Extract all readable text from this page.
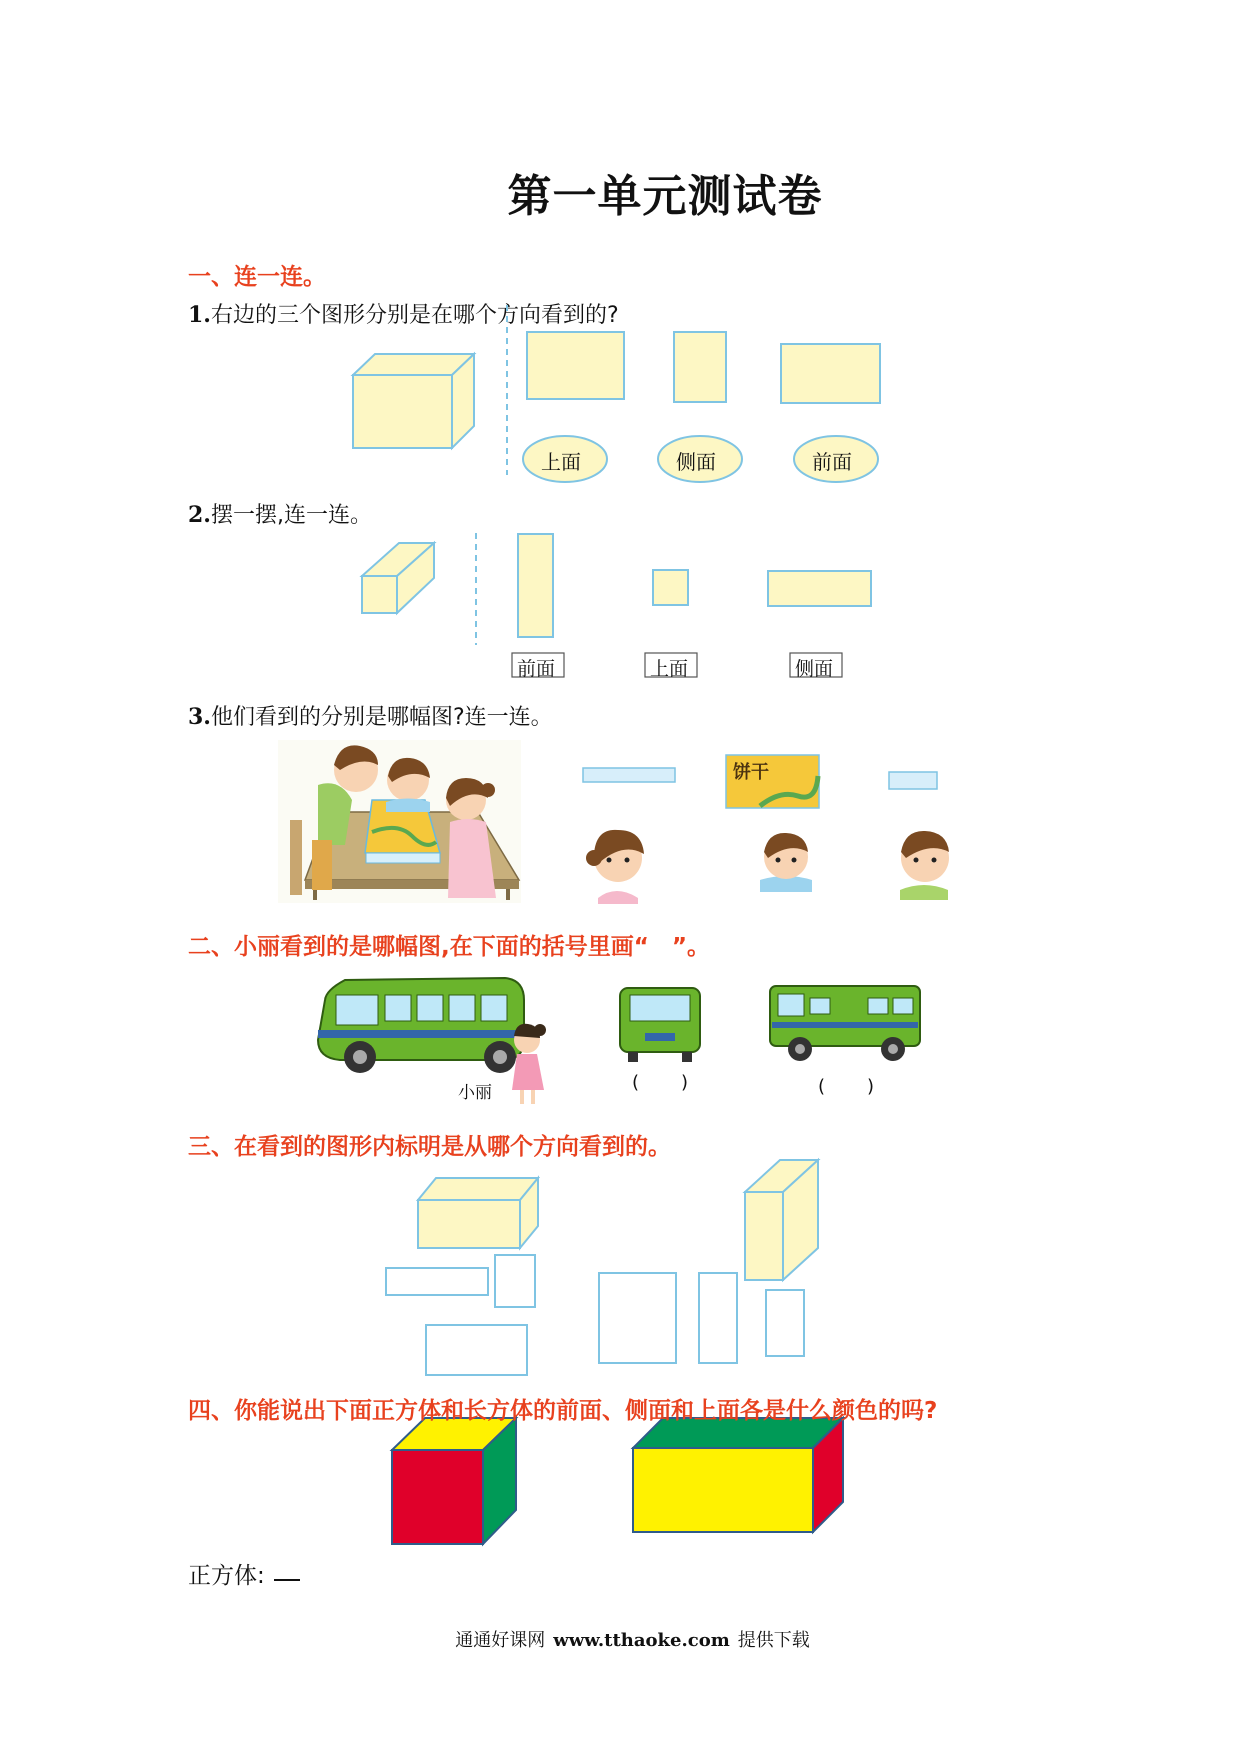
第一单元测试卷
一、连一连。
1.右边的三个图形分别是在哪个方向看到的?
上面	侧面	前面
2.摆一摆,连一连。
前面	上面	侧面
3.他们看到的分别是哪幅图?连一连。
饼干
二、小丽看到的是哪幅图,在下面的括号里画“　”。
小丽	(　　)	(　　)
三、在看到的图形内标明是从哪个方向看到的。
四、你能说出下面正方体和长方体的前面、侧面和上面各是什么颜色的吗?
正方体:
通通好课网 www.tthaoke.com 提供下载
